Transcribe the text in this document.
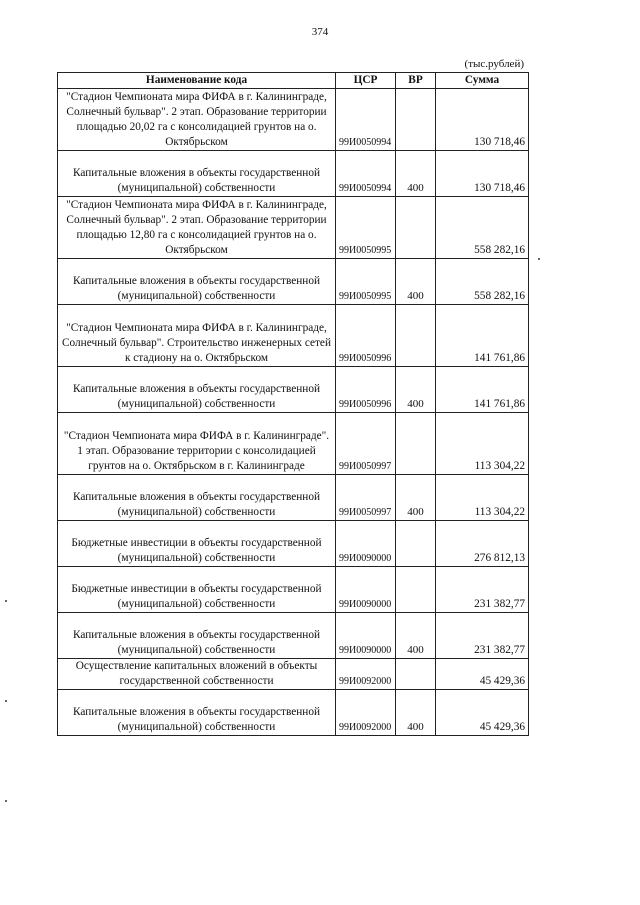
374
(тыс.рублей)
Наименование кода	ЦСР	ВР	Сумма
"Стадион Чемпионата мира ФИФА в г. Калининграде, Солнечный бульвар". 2 этап. Образование территории площадью 20,02 га с консолидацией грунтов на о. Октябрьском	99И0050994		130 718,46
Капитальные вложения в объекты государственной (муниципальной) собственности	99И0050994	400	130 718,46
"Стадион Чемпионата мира ФИФА в г. Калининграде, Солнечный бульвар". 2 этап. Образование территории площадью 12,80 га с консолидацией грунтов на о. Октябрьском	99И0050995		558 282,16
Капитальные вложения в объекты государственной (муниципальной) собственности	99И0050995	400	558 282,16
"Стадион Чемпионата мира ФИФА в г. Калининграде, Солнечный бульвар". Строительство инженерных сетей к стадиону на о. Октябрьском	99И0050996		141 761,86
Капитальные вложения в объекты государственной (муниципальной) собственности	99И0050996	400	141 761,86
"Стадион Чемпионата мира ФИФА в г. Калининграде". 1 этап. Образование территории с консолидацией грунтов на о. Октябрьском в г. Калининграде	99И0050997		113 304,22
Капитальные вложения в объекты государственной (муниципальной) собственности	99И0050997	400	113 304,22
Бюджетные инвестиции в объекты государственной (муниципальной) собственности	99И0090000		276 812,13
Бюджетные инвестиции в объекты государственной (муниципальной) собственности	99И0090000		231 382,77
Капитальные вложения в объекты государственной (муниципальной) собственности	99И0090000	400	231 382,77
Осуществление капитальных вложений в объекты государственной собственности	99И0092000		45 429,36
Капитальные вложения в объекты государственной (муниципальной) собственности	99И0092000	400	45 429,36
